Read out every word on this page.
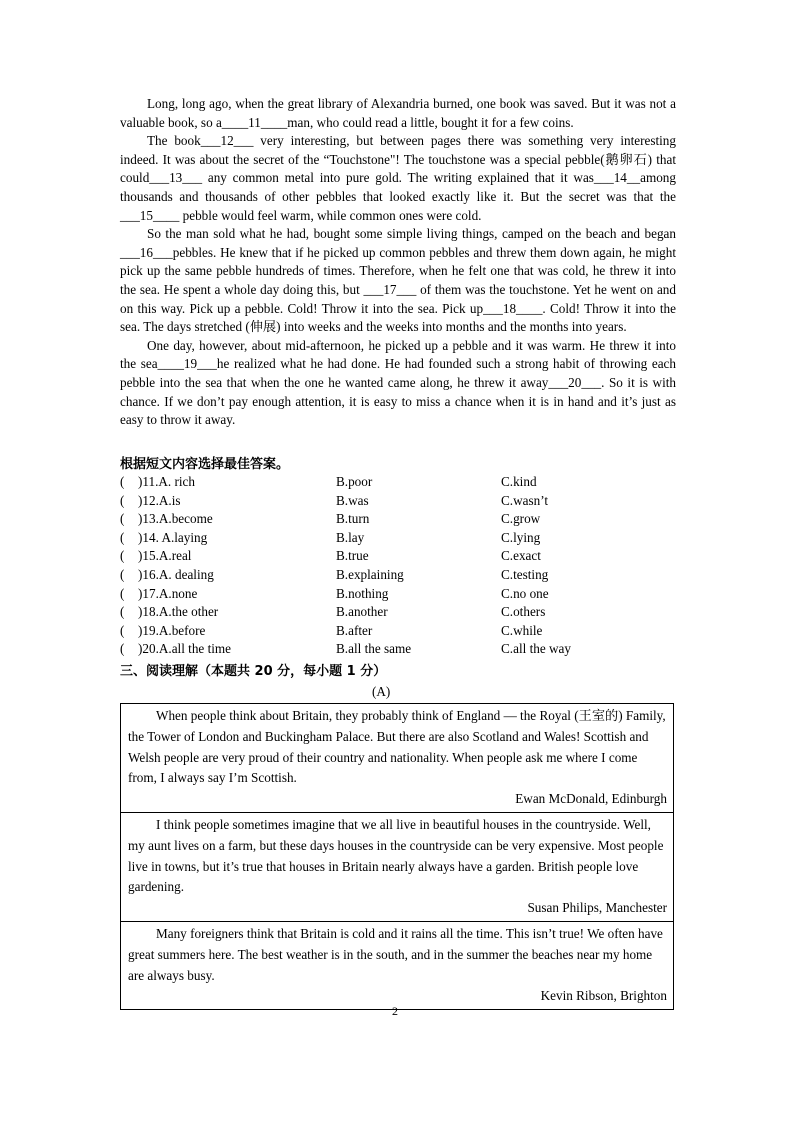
Long, long ago, when the great library of Alexandria burned, one book was saved. But it was not a valuable book, so a____11____man, who could read a little, bought it for a few coins.

The book___12___ very interesting, but between pages there was something very interesting indeed. It was about the secret of the “Touchstone"! The touchstone was a special pebble(鹅卵石) that could___13___ any common metal into pure gold. The writing explained that it was___14__among thousands and thousands of other pebbles that looked exactly like it. But the secret was that the ___15____ pebble would feel warm, while common ones were cold.

So the man sold what he had, bought some simple living things, camped on the beach and began ___16___pebbles. He knew that if he picked up common pebbles and threw them down again, he might pick up the same pebble hundreds of times. Therefore, when he felt one that was cold, he threw it into the sea. He spent a whole day doing this, but ___17___ of them was the touchstone. Yet he went on and on this way. Pick up a pebble. Cold! Throw it into the sea. Pick up___18____. Cold! Throw it into the sea. The days stretched (伸展) into weeks and the weeks into months and the months into years.

One day, however, about mid-afternoon, he picked up a pebble and it was warm. He threw it into the sea____19___he realized what he had done. He had founded such a strong habit of throwing each pebble into the sea that when the one he wanted came along, he threw it away___20___. So it is with chance. If we don’t pay enough attention, it is easy to miss a chance when it is in hand and it’s just as easy to throw it away.

根据短文内容选择最佳答案。
( )11.A. rich	B.poor	C.kind
( )12.A.is	B.was	C.wasn’t
( )13.A.become	B.turn	C.grow
( )14. A.laying	B.lay	C.lying
( )15.A.real	B.true	C.exact
( )16.A. dealing	B.explaining	C.testing
( )17.A.none	B.nothing	C.no one
( )18.A.the other	B.another	C.others
( )19.A.before	B.after	C.while
( )20.A.all the time	B.all the same	C.all the way
三、阅读理解（本题共 20 分，每小题 1 分）
(A)

When people think about Britain, they probably think of England — the Royal (王室的) Family, the Tower of London and Buckingham Palace. But there are also Scotland and Wales! Scottish and Welsh people are very proud of their country and nationality. When people ask me where I come from, I always say I’m Scottish.

Ewan McDonald, Edinburgh

I think people sometimes imagine that we all live in beautiful houses in the countryside. Well, my aunt lives on a farm, but these days houses in the countryside can be very expensive. Most people live in towns, but it’s true that houses in Britain nearly always have a garden. British people love gardening.

Susan Philips, Manchester

Many foreigners think that Britain is cold and it rains all the time. This isn’t true! We often have great summers here. The best weather is in the south, and in the summer the beaches near my home are always busy.

Kevin Ribson, Brighton
2
